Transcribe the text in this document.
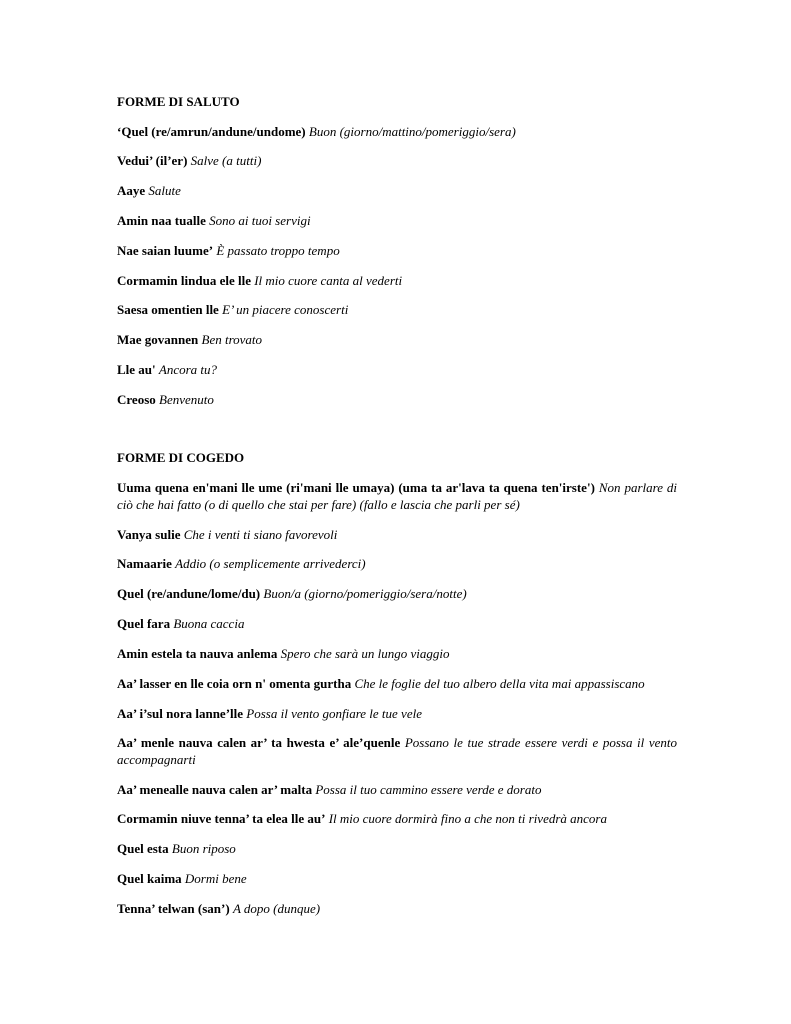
FORME DI SALUTO
‘Quel (re/amrun/andune/undome) Buon (giorno/mattino/pomeriggio/sera)
Vedui’ (il’er) Salve (a tutti)
Aaye Salute
Amin naa tualle Sono ai tuoi servigi
Nae saian luume’ È passato troppo tempo
Cormamin lindua ele lle Il mio cuore canta al vederti
Saesa omentien lle E’ un piacere conoscerti
Mae govannen Ben trovato
Lle au' Ancora tu?
Creoso Benvenuto
FORME DI COGEDO
Uuma quena en'mani lle ume (ri'mani lle umaya) (uma ta ar'lava ta quena ten'irste') Non parlare di ciò che hai fatto (o di quello che stai per fare) (fallo e lascia che parli per sé)
Vanya sulie Che i venti ti siano favorevoli
Namaarie Addio (o semplicemente arrivederci)
Quel (re/andune/lome/du) Buon/a (giorno/pomeriggio/sera/notte)
Quel fara Buona caccia
Amin estela ta nauva anlema Spero che sarà un lungo viaggio
Aa’ lasser en lle coia orn n' omenta gurtha Che le foglie del tuo albero della vita mai appassiscano
Aa’ i’sul nora lanne’lle Possa il vento gonfiare le tue vele
Aa’ menle nauva calen ar’ ta hwesta e’ ale’quenle Possano le tue strade essere verdi e possa il vento accompagnarti
Aa’ menealle nauva calen ar’ malta Possa il tuo cammino essere verde e dorato
Cormamin niuve tenna’ ta elea lle au’ Il mio cuore dormirà fino a che non ti rivedrà ancora
Quel esta Buon riposo
Quel kaima Dormi bene
Tenna’ telwan (san’) A dopo (dunque)
